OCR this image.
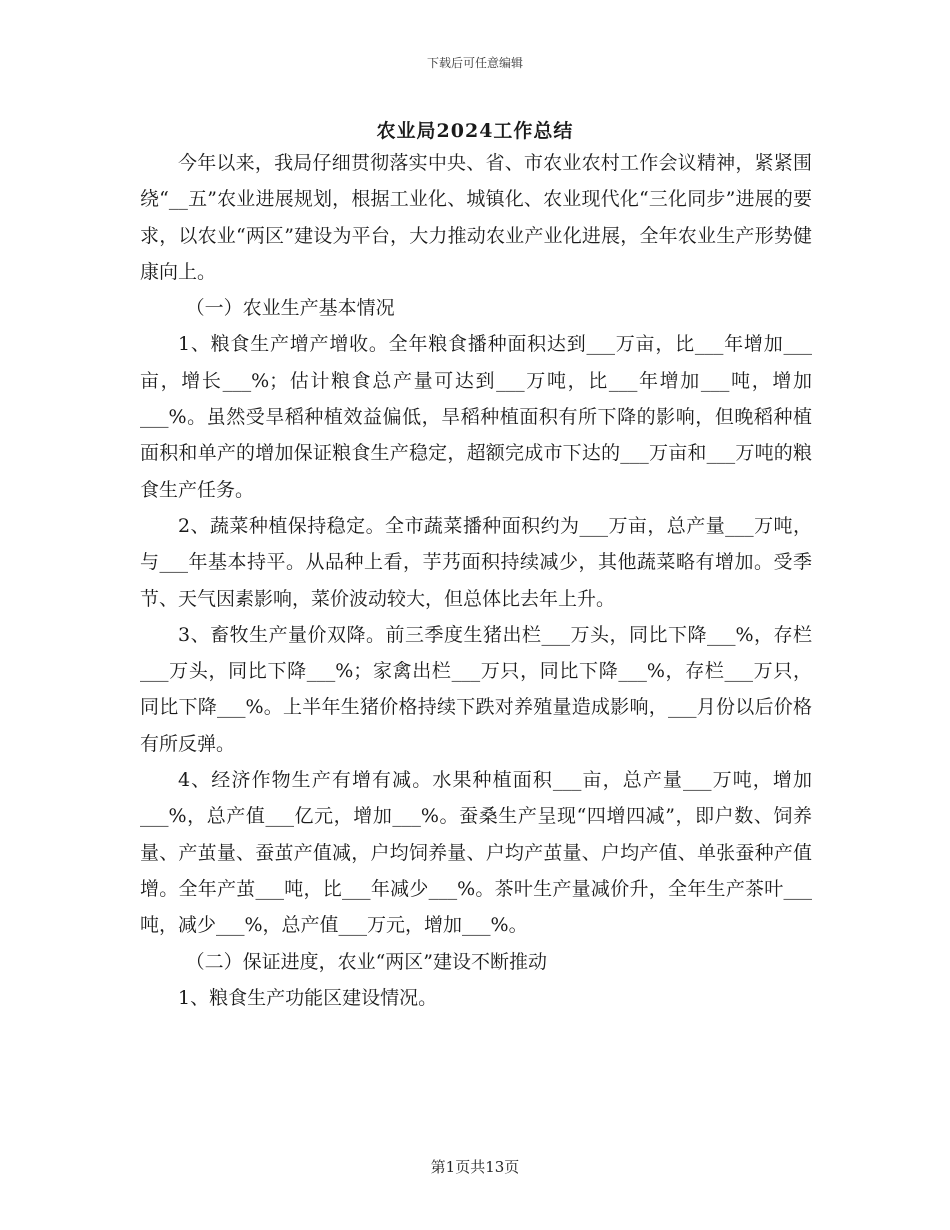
下载后可任意编辑
农业局2024工作总结

今年以来，我局仔细贯彻落实中央、省、市农业农村工作会议精神，紧紧围绕“__五”农业进展规划，根据工业化、城镇化、农业现代化“三化同步”进展的要求，以农业“两区”建设为平台，大力推动农业产业化进展，全年农业生产形势健康向上。

（一）农业生产基本情况

1、粮食生产增产增收。全年粮食播种面积达到___万亩，比___年增加___亩，增长___%；估计粮食总产量可达到___万吨，比___年增加___吨，增加___%。虽然受旱稻种植效益偏低，旱稻种植面积有所下降的影响，但晚稻种植面积和单产的增加保证粮食生产稳定，超额完成市下达的___万亩和___万吨的粮食生产任务。

2、蔬菜种植保持稳定。全市蔬菜播种面积约为___万亩，总产量___万吨，与___年基本持平。从品种上看，芋艿面积持续减少，其他蔬菜略有增加。受季节、天气因素影响，菜价波动较大，但总体比去年上升。

3、畜牧生产量价双降。前三季度生猪出栏___万头，同比下降___%，存栏___万头，同比下降___%；家禽出栏___万只，同比下降___%，存栏___万只，同比下降___%。上半年生猪价格持续下跌对养殖量造成影响，___月份以后价格有所反弹。

4、经济作物生产有增有减。水果种植面积___亩，总产量___万吨，增加___%，总产值___亿元，增加___%。蚕桑生产呈现“四增四减”，即户数、饲养量、产茧量、蚕茧产值减，户均饲养量、户均产茧量、户均产值、单张蚕种产值增。全年产茧___吨，比___年减少___%。茶叶生产量减价升，全年生产茶叶___吨，减少___%，总产值___万元，增加___%。

（二）保证进度，农业“两区”建设不断推动

1、粮食生产功能区建设情况。

第1页共13页
